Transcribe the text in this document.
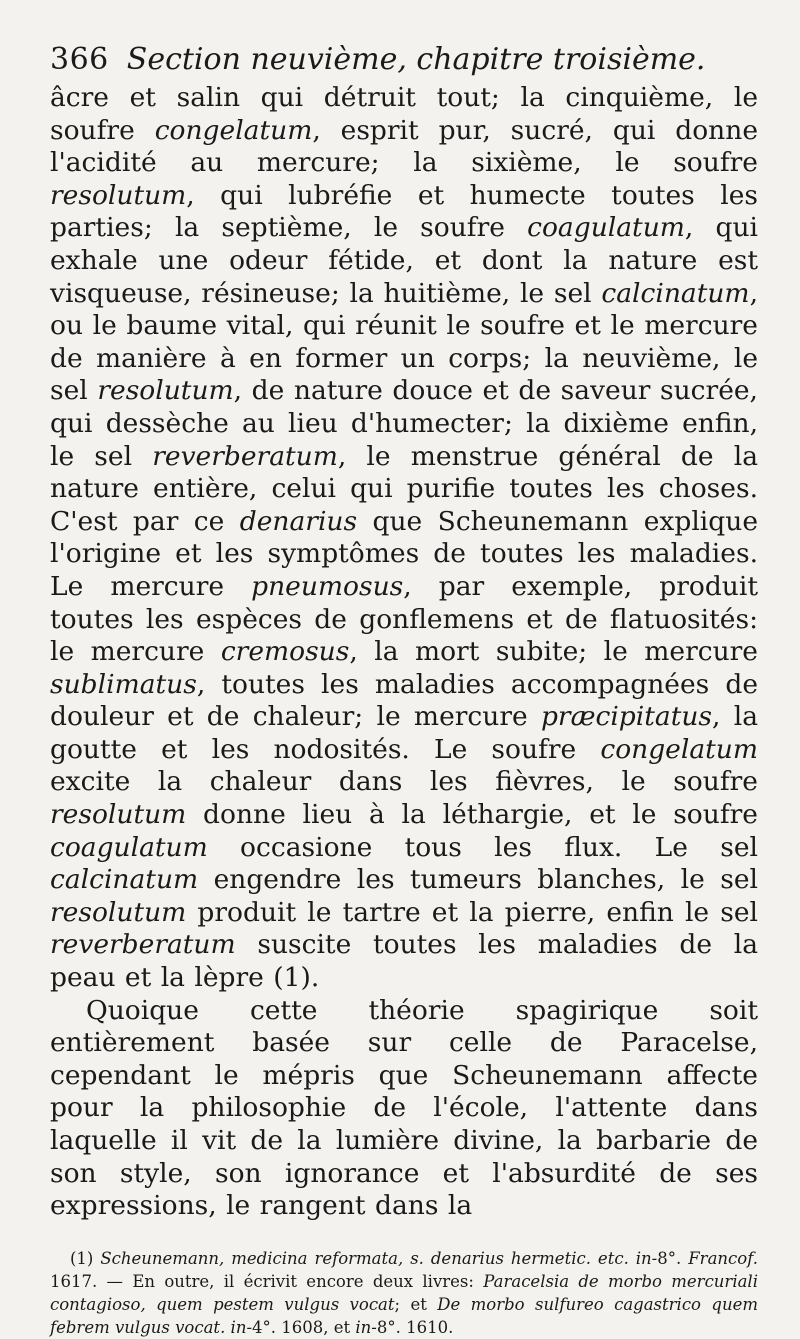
366 Section neuvième, chapitre troisième.

âcre et salin qui détruit tout; la cinquième, le soufre congelatum, esprit pur, sucré, qui donne l'acidité au mercure; la sixième, le soufre resolutum, qui lubréfie et humecte toutes les parties; la septième, le soufre coagulatum, qui exhale une odeur fétide, et dont la nature est visqueuse, résineuse; la huitième, le sel calcinatum, ou le baume vital, qui réunit le soufre et le mercure de manière à en former un corps; la neuvième, le sel resolutum, de nature douce et de saveur sucrée, qui dessèche au lieu d'humecter; la dixième enfin, le sel reverberatum, le menstrue général de la nature entière, celui qui purifie toutes les choses. C'est par ce denarius que Scheunemann explique l'origine et les symptômes de toutes les maladies. Le mercure pneumosus, par exemple, produit toutes les espèces de gonflemens et de flatuosités: le mercure cremosus, la mort subite; le mercure sublimatus, toutes les maladies accompagnées de douleur et de chaleur; le mercure præcipitatus, la goutte et les nodosités. Le soufre congelatum excite la chaleur dans les fièvres, le soufre resolutum donne lieu à la léthargie, et le soufre coagulatum occasione tous les flux. Le sel calcinatum engendre les tumeurs blanches, le sel resolutum produit le tartre et la pierre, enfin le sel reverberatum suscite toutes les maladies de la peau et la lèpre (1).

Quoique cette théorie spagirique soit entièrement basée sur celle de Paracelse, cependant le mépris que Scheunemann affecte pour la philosophie de l'école, l'attente dans laquelle il vit de la lumière divine, la barbarie de son style, son ignorance et l'absurdité de ses expressions, le rangent dans la

(1) Scheunemann, medicina reformata, s. denarius hermetic. etc. in-8°. Francof. 1617. — En outre, il écrivit encore deux livres: Paracelsia de morbo mercuriali contagioso, quem pestem vulgus vocat; et De morbo sulfureo cagastrico quem febrem vulgus vocat. in-4°. 1608, et in-8°. 1610.
